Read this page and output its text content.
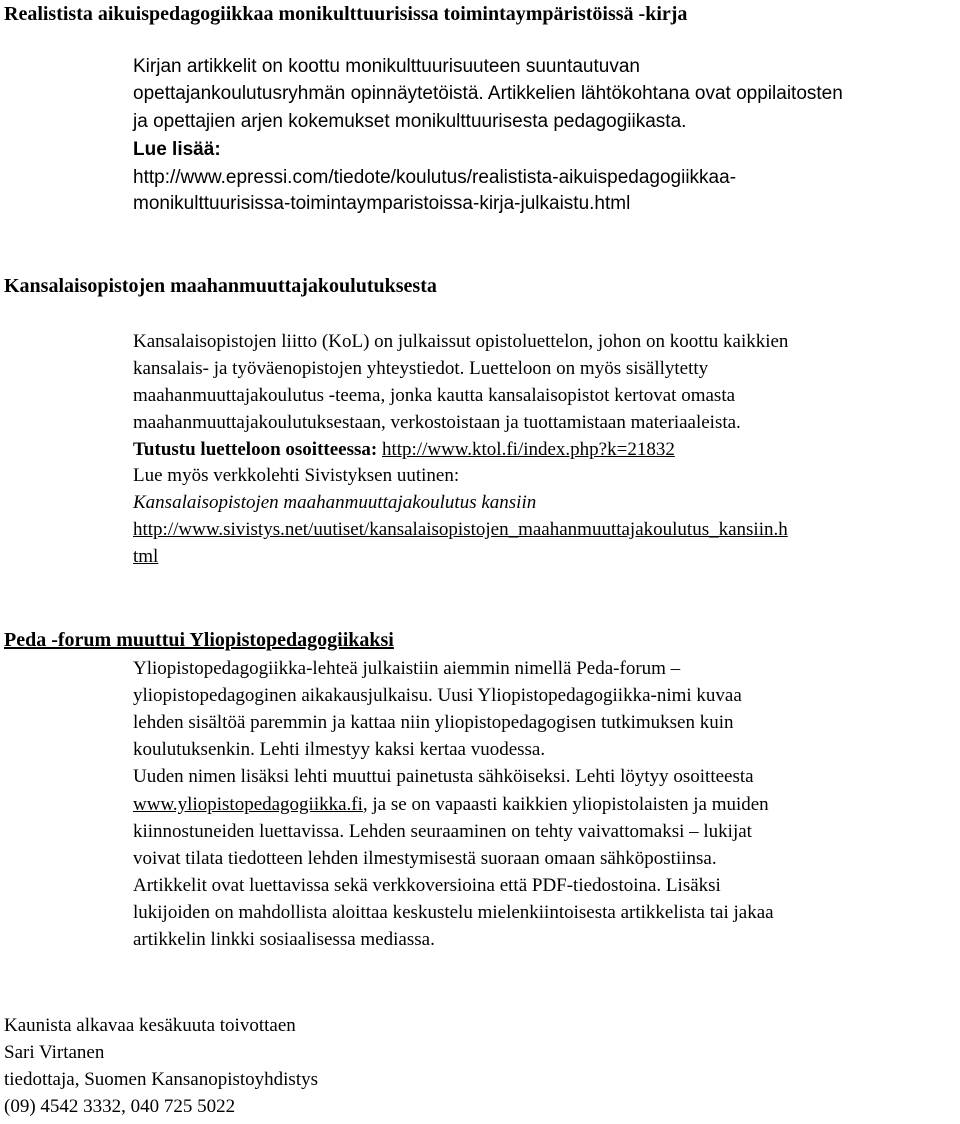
Realistista aikuispedagogiikkaa monikulttuurisissa toimintaympäristöissä -kirja
Kirjan artikkelit on koottu monikulttuurisuuteen suuntautuvan
opettajankoulutusryhmän opinnäytetöistä. Artikkelien lähtökohtana ovat oppilaitosten
ja opettajien arjen kokemukset monikulttuurisesta pedagogiikasta.
Lue lisää:
http://www.epressi.com/tiedote/koulutus/realistista-aikuispedagogiikkaa-
monikulttuurisissa-toimintaymparistoissa-kirja-julkaistu.html
Kansalaisopistojen maahanmuuttajakoulutuksesta
Kansalaisopistojen liitto (KoL) on julkaissut opistoluettelon, johon on koottu kaikkien
kansalais- ja työväenopistojen yhteystiedot. Luetteloon on myös sisällytetty
maahanmuuttajakoulutus -teema, jonka kautta kansalaisopistot kertovat omasta
maahanmuuttajakoulutuksestaan, verkostoistaan ja tuottamistaan materiaaleista.
Tutustu luetteloon osoitteessa: http://www.ktol.fi/index.php?k=21832
Lue myös verkkolehti Sivistyksen uutinen:
Kansalaisopistojen maahanmuuttajakoulutus kansiin
http://www.sivistys.net/uutiset/kansalaisopistojen_maahanmuuttajakoulutus_kansiin.h
tml
Peda -forum muuttui Yliopistopedagogiikaksi
Yliopistopedagogiikka-lehteä julkaistiin aiemmin nimellä Peda-forum –
yliopistopedagoginen aikakausjulkaisu. Uusi Yliopistopedagogiikka-nimi kuvaa
lehden sisältöä paremmin ja kattaa niin yliopistopedagogisen tutkimuksen kuin
koulutuksenkin. Lehti ilmestyy kaksi kertaa vuodessa.
Uuden nimen lisäksi lehti muuttui painetusta sähköiseksi. Lehti löytyy osoitteesta
www.yliopistopedagogiikka.fi, ja se on vapaasti kaikkien yliopistolaisten ja muiden
kiinnostuneiden luettavissa. Lehden seuraaminen on tehty vaivattomaksi – lukijat
voivat tilata tiedotteen lehden ilmestymisestä suoraan omaan sähköpostiinsa.
Artikkelit ovat luettavissa sekä verkkoversioina että PDF-tiedostoina. Lisäksi
lukijoiden on mahdollista aloittaa keskustelu mielenkiintoisesta artikkelista tai jakaa
artikkelin linkki sosiaalisessa mediassa.
Kaunista alkavaa kesäkuuta toivottaen
Sari Virtanen
tiedottaja, Suomen Kansanopistoyhdistys
(09) 4542 3332, 040 725 5022
